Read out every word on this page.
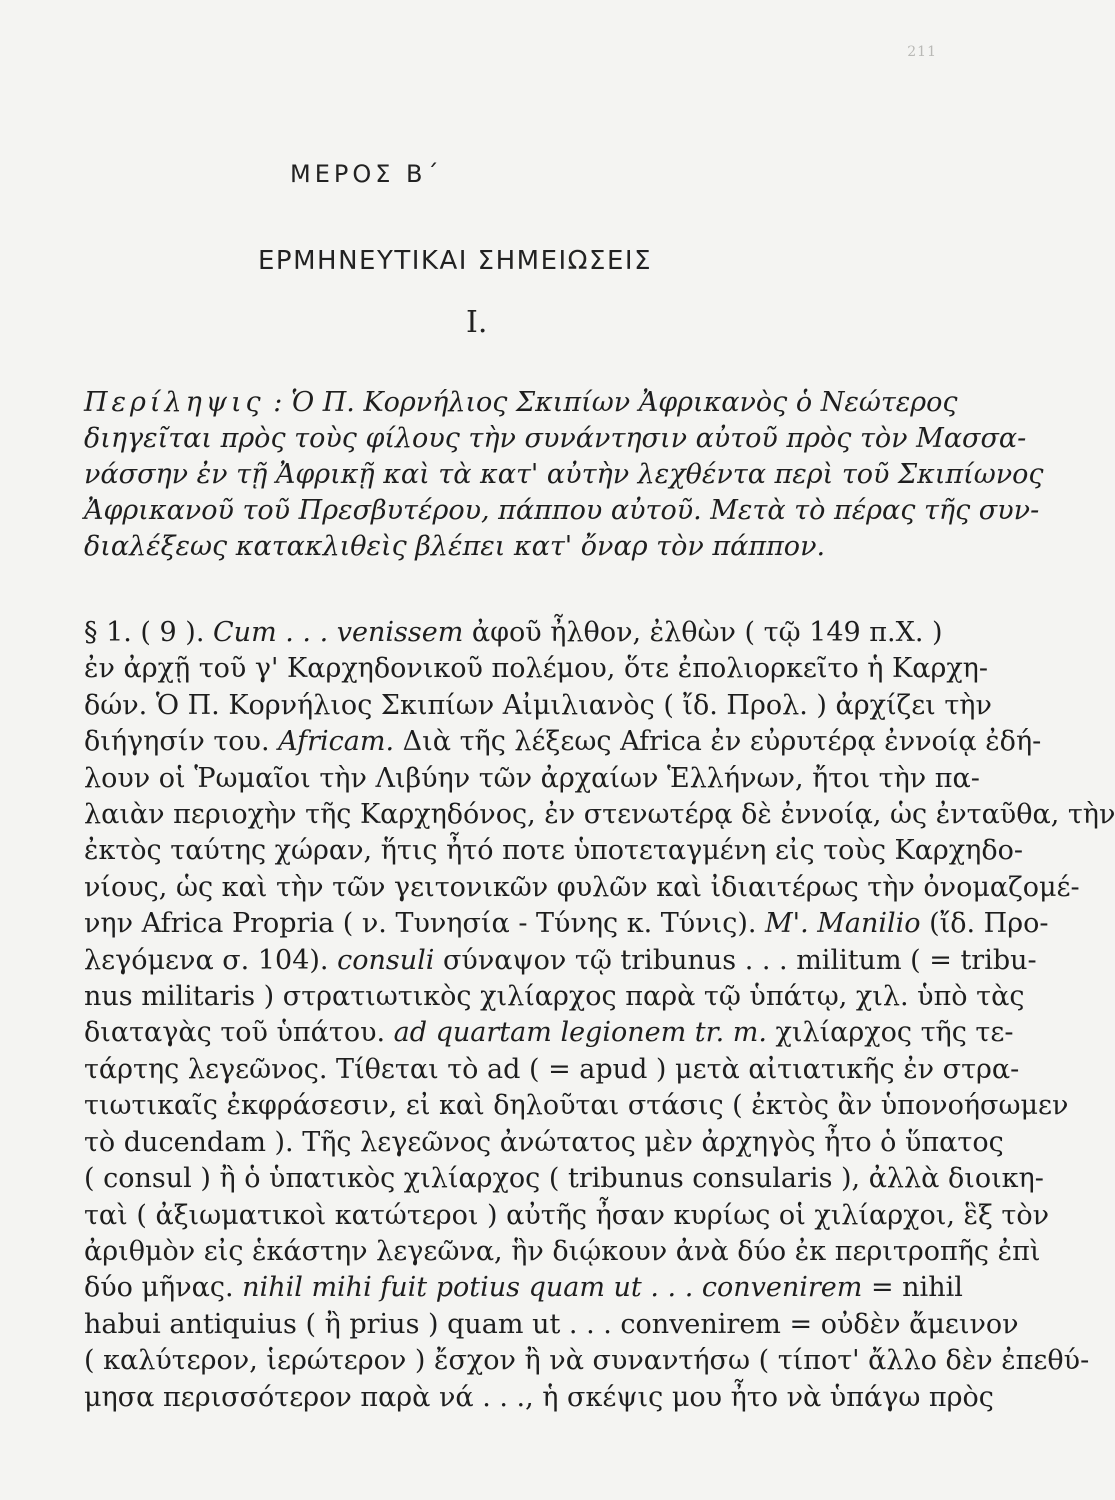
211
ΜΕΡΟΣ Β΄
ΕΡΜΗΝΕΥΤΙΚΑΙ ΣΗΜΕΙΩΣΕΙΣ
I.
Περίληψις : Ὁ Π. Κορνήλιος Σκιπίων Ἀφρικανὸς ὁ Νεώτερος
διηγεῖται πρὸς τοὺς φίλους τὴν συνάντησιν αὐτοῦ πρὸς τὸν Μασσα-
νάσσην ἐν τῇ Ἀφρικῇ καὶ τὰ κατ' αὐτὴν λεχθέντα περὶ τοῦ Σκιπίωνος
Ἀφρικανοῦ τοῦ Πρεσβυτέρου, πάππου αὐτοῦ. Μετὰ τὸ πέρας τῆς συν-
διαλέξεως κατακλιθεὶς βλέπει κατ' ὄναρ τὸν πάππον.
§ 1. ( 9 ). Cum . . . venissem ἀφοῦ ἦλθον, ἐλθὼν ( τῷ 149 π.Χ. )
ἐν ἀρχῇ τοῦ γ' Καρχηδονικοῦ πολέμου, ὅτε ἐπολιορκεῖτο ἡ Καρχη-
δών. Ὁ Π. Κορνήλιος Σκιπίων Αἰμιλιανὸς ( ἴδ. Προλ. ) ἀρχίζει τὴν
διήγησίν του. Africam. Διὰ τῆς λέξεως Africa ἐν εὐρυτέρᾳ ἐννοίᾳ ἐδή-
λουν οἱ Ῥωμαῖοι τὴν Λιβύην τῶν ἀρχαίων Ἑλλήνων, ἤτοι τὴν πα-
λαιὰν περιοχὴν τῆς Καρχηδόνος, ἐν στενωτέρᾳ δὲ ἐννοίᾳ, ὡς ἐνταῦθα, τὴν
ἐκτὸς ταύτης χώραν, ἥτις ἦτό ποτε ὑποτεταγμένη εἰς τοὺς Καρχηδο-
νίους, ὡς καὶ τὴν τῶν γειτονικῶν φυλῶν καὶ ἰδιαιτέρως τὴν ὀνομαζομέ-
νην Africa Propria ( ν. Τυνησία - Τύνης κ. Τύνις). M'. Manilio (ἴδ. Προ-
λεγόμενα σ. 104). consuli σύναψον τῷ tribunus . . . militum ( = tribu-
nus militaris ) στρατιωτικὸς χιλίαρχος παρὰ τῷ ὑπάτῳ, χιλ. ὑπὸ τὰς
διαταγὰς τοῦ ὑπάτου. ad quartam legionem tr. m. χιλίαρχος τῆς τε-
τάρτης λεγεῶνος. Τίθεται τὸ ad ( = apud ) μετὰ αἰτιατικῆς ἐν στρα-
τιωτικαῖς ἐκφράσεσιν, εἰ καὶ δηλοῦται στάσις ( ἐκτὸς ἂν ὑπονοήσωμεν
τὸ ducendam ). Τῆς λεγεῶνος ἀνώτατος μὲν ἀρχηγὸς ἦτο ὁ ὕπατος
( consul ) ἢ ὁ ὑπατικὸς χιλίαρχος ( tribunus consularis ), ἀλλὰ διοικη-
ταὶ ( ἀξιωματικοὶ κατώτεροι ) αὐτῆς ἦσαν κυρίως οἱ χιλίαρχοι, ἓξ τὸν
ἀριθμὸν εἰς ἑκάστην λεγεῶνα, ἣν διῴκουν ἀνὰ δύο ἐκ περιτροπῆς ἐπὶ
δύο μῆνας. nihil mihi fuit potius quam ut . . . convenirem = nihil
habui antiquius ( ἢ prius ) quam ut . . . convenirem = οὐδὲν ἄμεινον
( καλύτερον, ἱερώτερον ) ἔσχον ἢ νὰ συναντήσω ( τίποτ' ἄλλο δὲν ἐπεθύ-
μησα περισσότερον παρὰ νά . . ., ἡ σκέψις μου ἦτο νὰ ὑπάγω πρὸς
